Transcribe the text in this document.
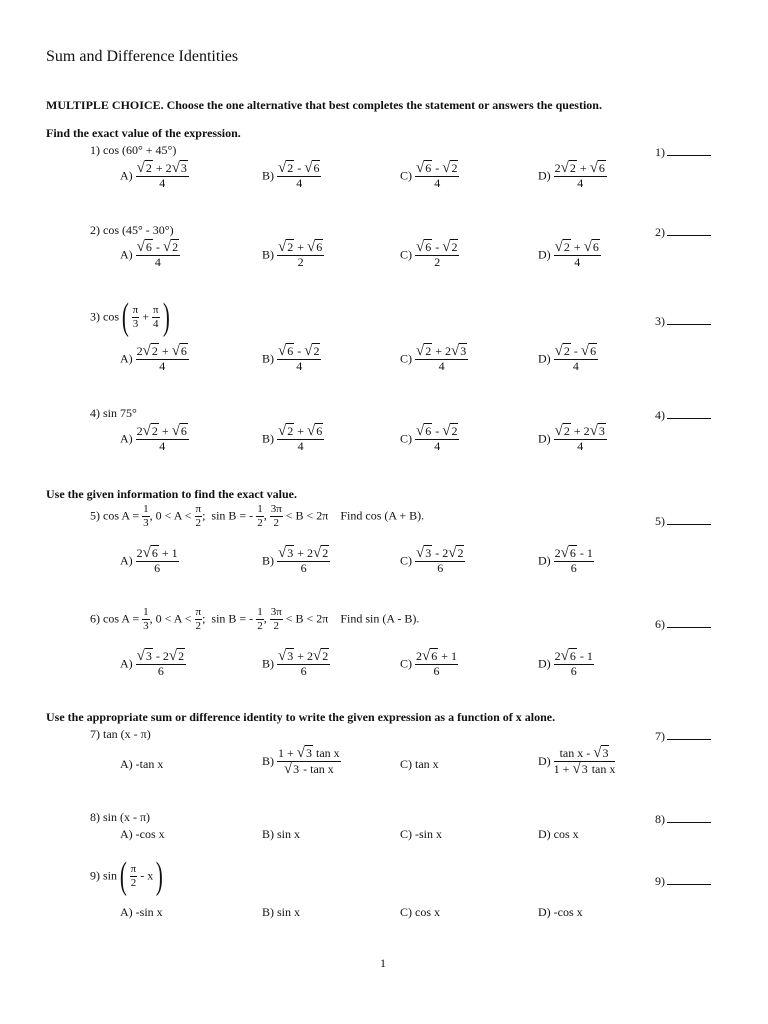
Sum and Difference Identities
MULTIPLE CHOICE. Choose the one alternative that best completes the statement or answers the question.
Find the exact value of the expression.
1) cos (60° + 45°)	1)
$A) \frac{√2 + 2√3}{4}$	$B) \frac{√2 - √6}{4}$	$C) \frac{√6 - √2}{4}$	$D) \frac{2√2 + √6}{4}$
2) cos (45° - 30°)	2)
$A) \frac{√6 - √2}{4}$	$B) \frac{√2 + √6}{2}$	$C) \frac{√6 - √2}{2}$	$D) \frac{√2 + √6}{4}$
3) $\cos( \frac{\pi}{3} + \frac{\pi}{4}$ )	3)
$A) \frac{2√2 + √6}{4}$	$B) \frac{√6 - √2}{4}$	$C) \frac{√2 + 2√3}{4}$	$D) \frac{√2 - √6}{4}$
4) sin 75°	4)
$A) \frac{2√2 + √6}{4}$	$B) \frac{√2 + √6}{4}$	$C) \frac{√6 - √2}{4}$	$D) \frac{√2 + 2√3}{4}$
Use the given information to find the exact value.
5) $\cos A = \frac{1}{3}$ , $0 < A < \frac{\pi}{2}$ ; sin B = - $\frac{1}{2}$ , $\frac{3\pi}{2} < B < 2\pi$ Find cos (A + B).	5)
$A) \frac{2√6 + 1}{6}$	$B) \frac{√3 + 2√2}{6}$	$C) \frac{√3 - 2√2}{6}$	$D) \frac{2√6 - 1}{6}$
6) $\cos A = \frac{1}{3}$ , $0 < A < \frac{\pi}{2}$ ; sin B = - $\frac{1}{2}$ , $\frac{3\pi}{2} < B < 2\pi$ Find sin (A - B).	6)
$A) \frac{√3 - 2√2}{6}$	$B) \frac{√3 + 2√2}{6}$	$C) \frac{2√6 + 1}{6}$	$D) \frac{2√6 - 1}{6}$
Use the appropriate sum or difference identity to write the given expression as a function of x alone.
7) tan (x - π)	7)
A) -tan x	$B) \frac{\text{1 + √3 tan x}}{\text{√3 - tan x}}$	C) tan x	$D) \frac{\text{tan x - √3}}{\text{1 + √3 tan x}}$
8) sin (x - π)	8)
A) -cos x	B) sin x	C) -sin x	D) cos x
9) $\sin( \frac{\pi}{2} - x)$	9)
A) -sin x	B) sin x	C) cos x	D) -cos x
1
